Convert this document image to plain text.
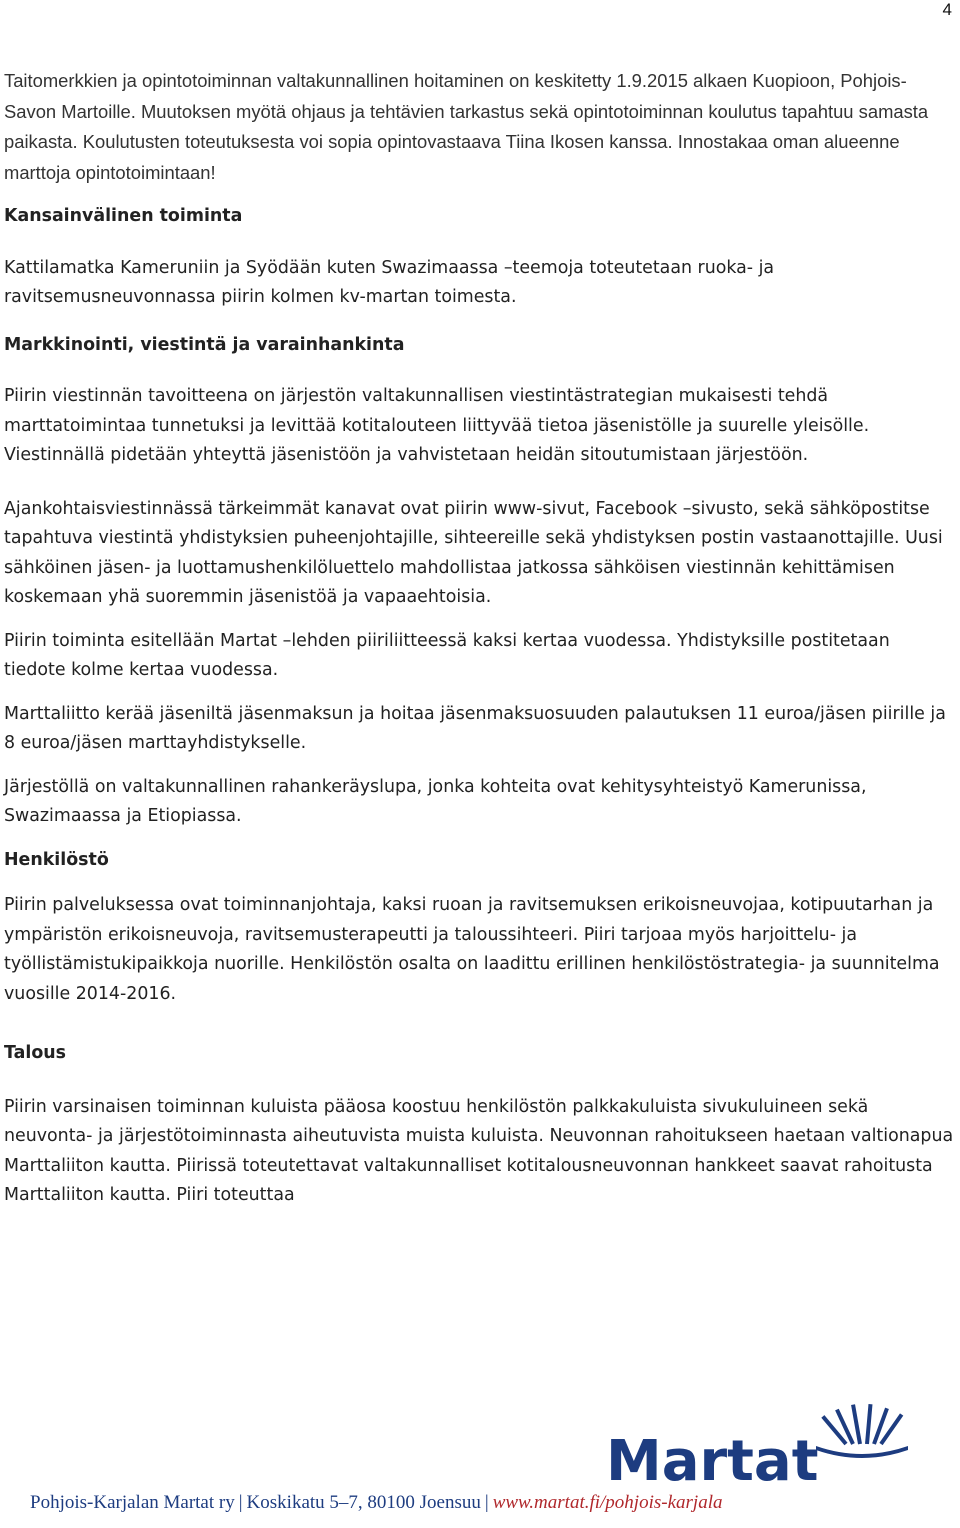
4

Taitomerkkien ja opintotoiminnan valtakunnallinen hoitaminen on keskitetty 1.9.2015 alkaen Kuopioon, Pohjois-Savon Martoille. Muutoksen myötä ohjaus ja tehtävien tarkastus sekä opintotoiminnan koulutus tapahtuu samasta paikasta. Koulutusten toteutuksesta voi sopia opintovastaava Tiina Ikosen kanssa. Innostakaa oman alueenne marttoja opintotoimintaan!

Kansainvälinen toiminta

Kattilamatka Kameruniin ja Syödään kuten Swazimaassa –teemoja toteutetaan ruoka- ja ravitsemusneuvonnassa piirin kolmen kv-martan toimesta.

Markkinointi, viestintä ja varainhankinta

Piirin viestinnän tavoitteena on järjestön valtakunnallisen viestintästrategian mukaisesti tehdä marttatoimintaa tunnetuksi ja levittää kotitalouteen liittyvää tietoa jäsenistölle ja suurelle yleisölle. Viestinnällä pidetään yhteyttä jäsenistöön ja vahvistetaan heidän sitoutumistaan järjestöön.

Ajankohtaisviestinnässä tärkeimmät kanavat ovat piirin www-sivut, Facebook –sivusto, sekä sähköpostitse tapahtuva viestintä yhdistyksien puheenjohtajille, sihteereille sekä yhdistyksen postin vastaanottajille. Uusi sähköinen jäsen- ja luottamushenkilöluettelo mahdollistaa jatkossa sähköisen viestinnän kehittämisen koskemaan yhä suoremmin jäsenistöä ja vapaaehtoisia.

Piirin toiminta esitellään Martat –lehden piiriliitteessä kaksi kertaa vuodessa. Yhdistyksille postitetaan tiedote kolme kertaa vuodessa.

Marttaliitto kerää jäseniltä jäsenmaksun ja hoitaa jäsenmaksuosuuden palautuksen 11 euroa/jäsen piirille ja 8 euroa/jäsen marttayhdistykselle.

Järjestöllä on valtakunnallinen rahankeräyslupa, jonka kohteita ovat kehitysyhteistyö Kamerunissa, Swazimaassa ja Etiopiassa.

Henkilöstö

Piirin palveluksessa ovat toiminnanjohtaja, kaksi ruoan ja ravitsemuksen erikoisneuvojaa, kotipuutarhan ja ympäristön erikoisneuvoja, ravitsemusterapeutti ja taloussihteeri. Piiri tarjoaa myös harjoittelu- ja työllistämistukipaikkoja nuorille. Henkilöstön osalta on laadittu erillinen henkilöstöstrategia- ja suunnitelma vuosille 2014-2016.

Talous

Piirin varsinaisen toiminnan kuluista pääosa koostuu henkilöstön palkkakuluista sivukuluineen sekä neuvonta- ja järjestötoiminnasta aiheutuvista muista kuluista. Neuvonnan rahoitukseen haetaan valtionapua Marttaliiton kautta. Piirissä toteutettavat valtakunnalliset kotitalousneuvonnan hankkeet saavat rahoitusta Marttaliiton kautta. Piiri toteuttaa

Martat
Pohjois-Karjalan Martat ry | Koskikatu 5–7, 80100 Joensuu | www.martat.fi/pohjois-karjala
